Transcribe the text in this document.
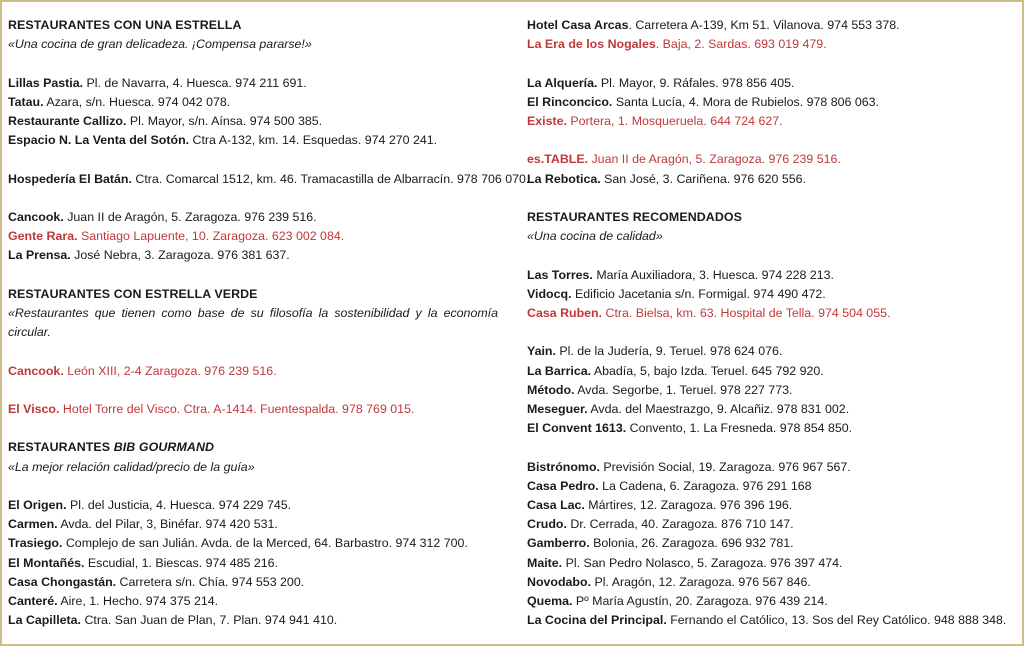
RESTAURANTES CON UNA ESTRELLA
«Una cocina de gran delicadeza. ¡Compensa pararse!»
Lillas Pastia. Pl. de Navarra, 4. Huesca. 974 211 691.
Tatau. Azara, s/n. Huesca. 974 042 078.
Restaurante Callizo. Pl. Mayor, s/n. Aínsa. 974 500 385.
Espacio N. La Venta del Sotón. Ctra A-132, km. 14. Esquedas. 974 270 241.
Hospedería El Batán. Ctra. Comarcal 1512, km. 46. Tramacastilla de Albarracín. 978 706 070.
Cancook. Juan II de Aragón, 5. Zaragoza. 976 239 516.
Gente Rara. Santiago Lapuente, 10. Zaragoza. 623 002 084.
La Prensa. José Nebra, 3. Zaragoza. 976 381 637.
RESTAURANTES CON ESTRELLA VERDE
«Restaurantes que tienen como base de su filosofía la sostenibilidad y la economía circular.
Cancook. León XIII, 2-4 Zaragoza. 976 239 516.
El Visco. Hotel Torre del Visco. Ctra. A-1414. Fuentespalda. 978 769 015.
RESTAURANTES BIB GOURMAND
«La mejor relación calidad/precio de la guía»
El Origen. Pl. del Justicia, 4. Huesca. 974 229 745.
Carmen. Avda. del Pilar, 3, Binéfar. 974 420 531.
Trasiego. Complejo de san Julián. Avda. de la Merced, 64. Barbastro. 974 312 700.
El Montañés. Escudial, 1. Biescas. 974 485 216.
Casa Chongastán. Carretera s/n. Chía. 974 553 200.
Canteré. Aire, 1. Hecho. 974 375 214.
La Capilleta. Ctra. San Juan de Plan, 7. Plan. 974 941 410.
Hotel Casa Arcas. Carretera A-139, Km 51. Vilanova. 974 553 378.
La Era de los Nogales. Baja, 2. Sardas. 693 019 479.
La Alquería. Pl. Mayor, 9. Ráfales. 978 856 405.
El Rinconcico. Santa Lucía, 4. Mora de Rubielos. 978 806 063.
Existe. Portera, 1. Mosqueruela. 644 724 627.
es.TABLE. Juan II de Aragón, 5. Zaragoza. 976 239 516.
La Rebotica. San José, 3. Cariñena. 976 620 556.
RESTAURANTES RECOMENDADOS
«Una cocina de calidad»
Las Torres. María Auxiliadora, 3. Huesca. 974 228 213.
Vidocq. Edificio Jacetania s/n. Formigal. 974 490 472.
Casa Ruben. Ctra. Bielsa, km. 63. Hospital de Tella. 974 504 055.
Yain. Pl. de la Judería, 9. Teruel. 978 624 076.
La Barrica. Abadía, 5, bajo Izda. Teruel. 645 792 920.
Método. Avda. Segorbe, 1. Teruel. 978 227 773.
Meseguer. Avda. del Maestrazgo, 9. Alcañiz. 978 831 002.
El Convent 1613. Convento, 1. La Fresneda. 978 854 850.
Bistrónomo. Previsión Social, 19. Zaragoza. 976 967 567.
Casa Pedro. La Cadena, 6. Zaragoza. 976 291 168
Casa Lac. Mártires, 12. Zaragoza. 976 396 196.
Crudo. Dr. Cerrada, 40. Zaragoza. 876 710 147.
Gamberro. Bolonia, 26. Zaragoza. 696 932 781.
Maite. Pl. San Pedro Nolasco, 5. Zaragoza. 976 397 474.
Novodabo. Pl. Aragón, 12. Zaragoza. 976 567 846.
Quema. Pº María Agustín, 20. Zaragoza. 976 439 214.
La Cocina del Principal. Fernando el Católico, 13. Sos del Rey Católico. 948 888 348.
